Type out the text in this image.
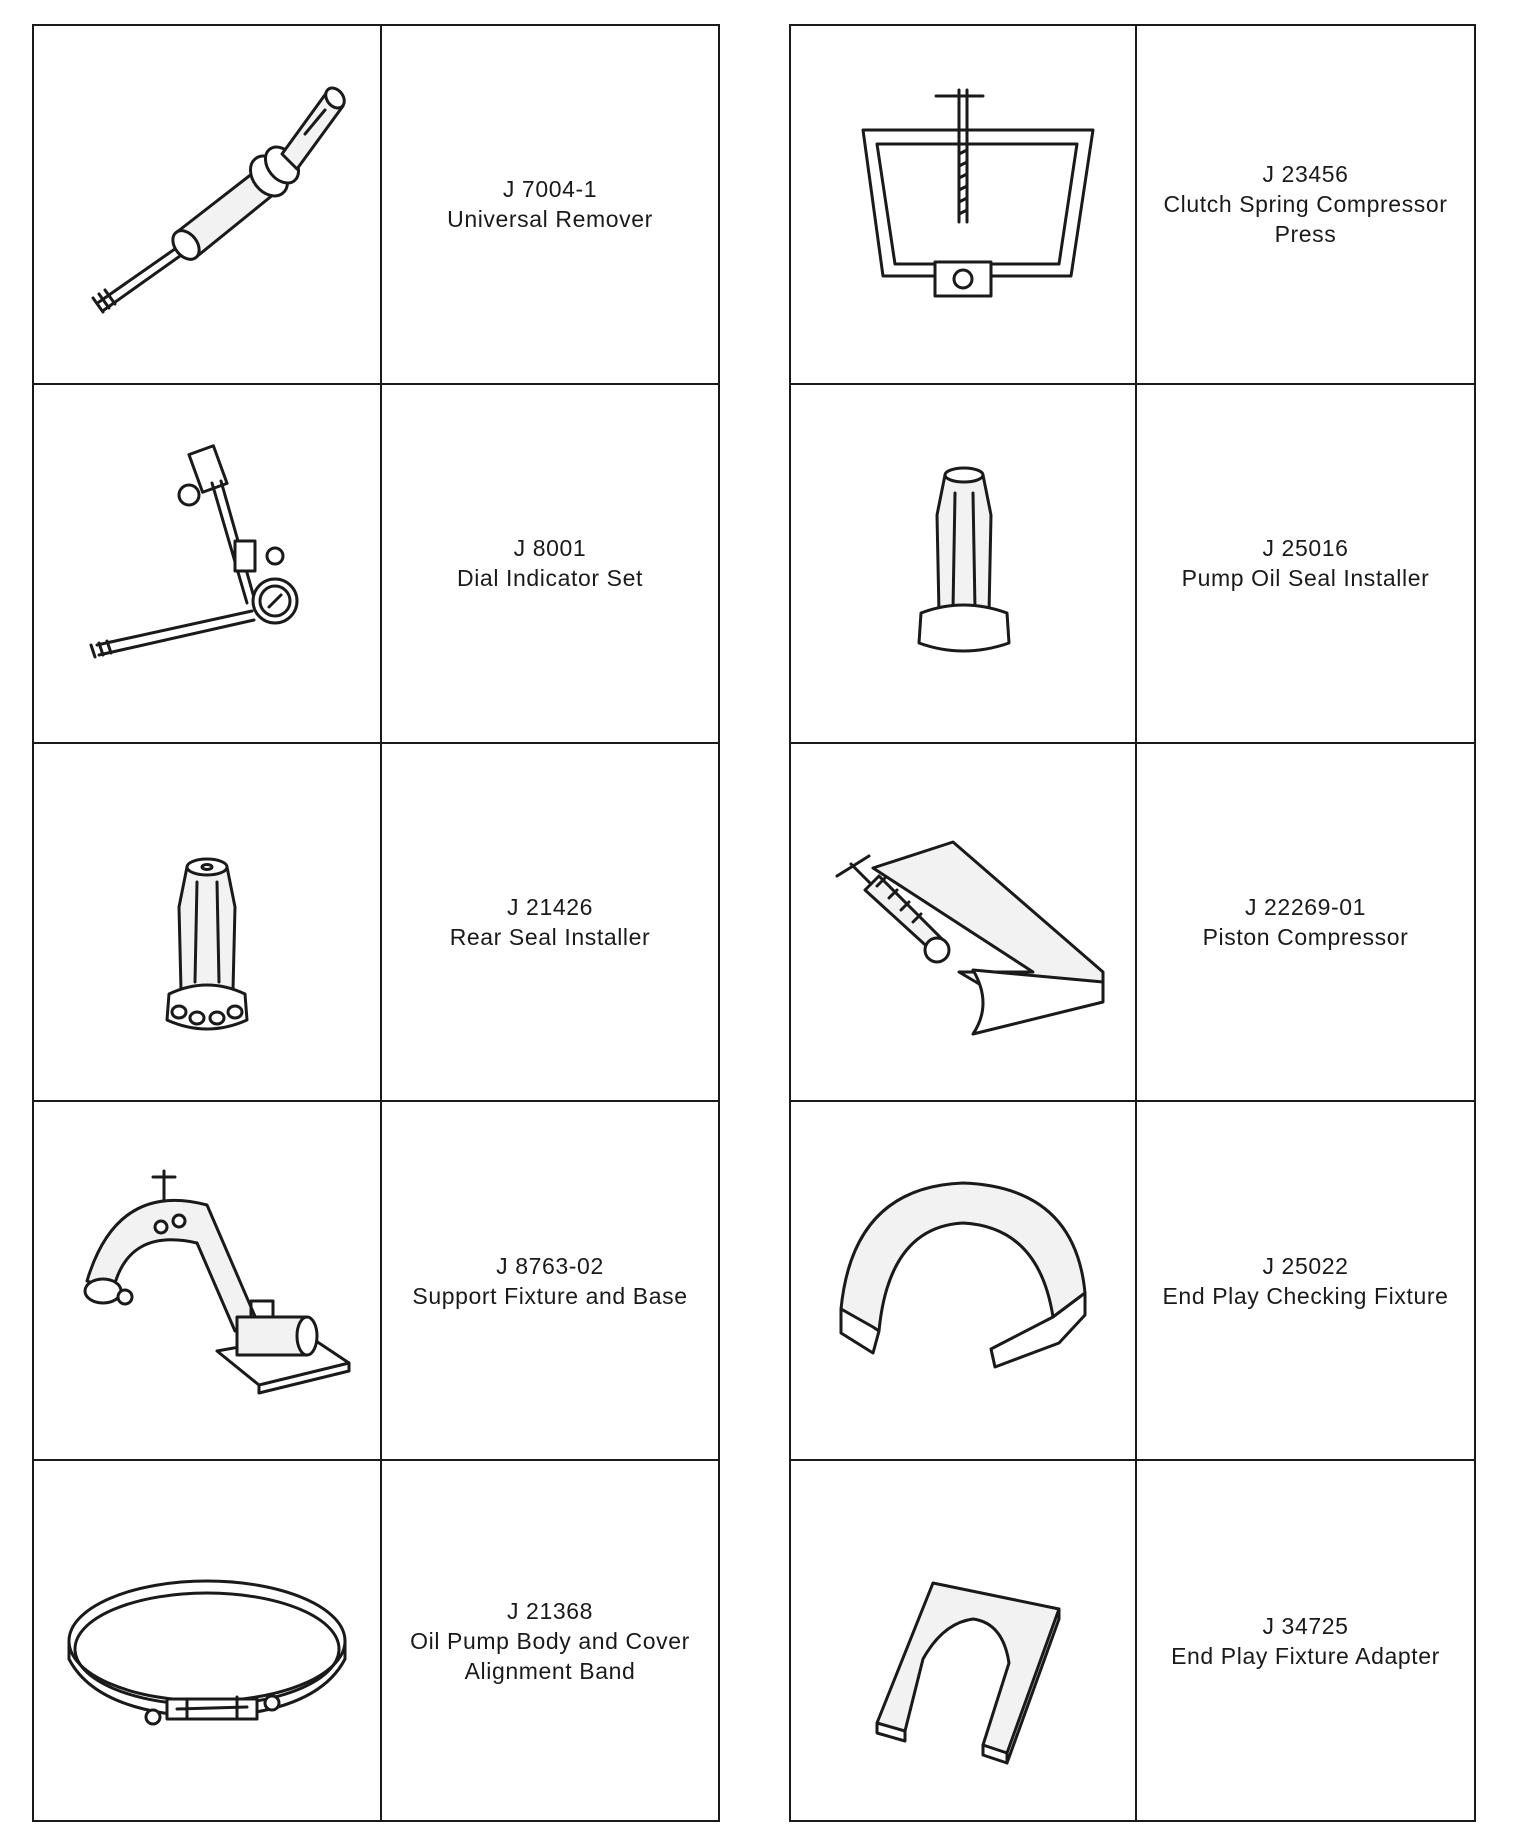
J 7004-1
Universal Remover
J 8001
Dial Indicator Set
J 21426
Rear Seal Installer
J 8763-02
Support Fixture and Base
J 21368
Oil Pump Body and Cover
Alignment Band
J 23456
Clutch Spring Compressor
Press
J 25016
Pump Oil Seal Installer
J 22269-01
Piston Compressor
J 25022
End Play Checking Fixture
J 34725
End Play Fixture Adapter
